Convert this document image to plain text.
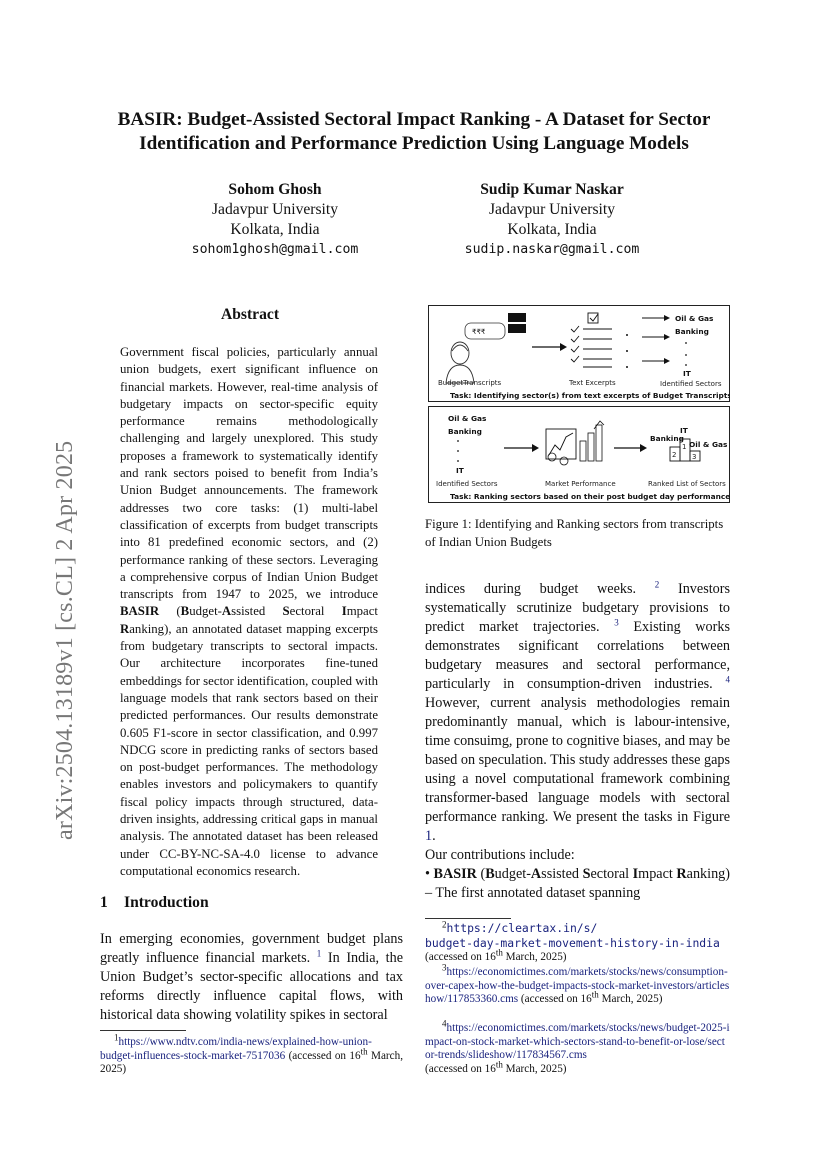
arXiv:2504.13189v1 [cs.CL] 2 Apr 2025
BASIR: Budget-Assisted Sectoral Impact Ranking - A Dataset for Sector
Identification and Performance Prediction Using Language Models
Sohom Ghosh
Jadavpur University
Kolkata, India
sohom1ghosh@gmail.com
Sudip Kumar Naskar
Jadavpur University
Kolkata, India
sudip.naskar@gmail.com
Abstract
Government fiscal policies, particularly annual union budgets, exert significant influence on financial markets. However, real-time analysis of budgetary impacts on sector-specific equity performance remains methodologically challenging and largely unexplored. This study proposes a framework to systematically identify and rank sectors poised to benefit from India’s Union Budget announcements. The framework addresses two core tasks: (1) multi-label classification of excerpts from budget transcripts into 81 predefined economic sectors, and (2) performance ranking of these sectors. Leveraging a comprehensive corpus of Indian Union Budget transcripts from 1947 to 2025, we introduce BASIR (Budget-Assisted Sectoral Impact Ranking), an annotated dataset mapping excerpts from budgetary transcripts to sectoral impacts. Our architecture incorporates fine-tuned embeddings for sector identification, coupled with language models that rank sectors based on their predicted performances. Our results demonstrate 0.605 F1-score in sector classification, and 0.997 NDCG score in predicting ranks of sectors based on post-budget performances. The methodology enables investors and policymakers to quantify fiscal policy impacts through structured, data-driven insights, addressing critical gaps in manual analysis. The annotated dataset has been released under CC-BY-NC-SA-4.0 license to advance computational economics research.
1 Introduction
In emerging economies, government budget plans greatly influence financial markets. $^1$ In India, the Union Budget’s sector-specific allocations and tax reforms directly influence capital flows, with historical data showing volatility spikes in sectoral
$^1$https://www.ndtv.com/india-news/explained-how-union-budget-influences-stock-market-7517036 (accessed on 16th March, 2025)
₹₹₹
BudgetTranscripts	Text Excerpts
Oil & Gas
Banking
IT
Identified Sectors
Task: Identifying sector(s) from text excerpts of Budget Transcripts
Oil & Gas
Banking
IT
Identified Sectors	Market Performance
IT
Banking
Oil & Gas
2
1
3
Ranked List of Sectors
Task: Ranking sectors based on their post budget day performances
Figure 1: Identifying and Ranking sectors from transcripts of Indian Union Budgets

indices during budget weeks. $^2$ Investors systematically scrutinize budgetary provisions to predict market trajectories. $^3$ Existing works demonstrates significant correlations between budgetary measures and sectoral performance, particularly in consumption-driven industries. $^4$ However, current analysis methodologies remain predominantly manual, which is labour-intensive, time consuimg, prone to cognitive biases, and may be based on speculation. This study addresses these gaps using a novel computational framework combining transformer-based language models with sectoral performance ranking. We present the tasks in Figure 1.

Our contributions include:

• BASIR (Budget-Assisted Sectoral Impact Ranking) – The first annotated dataset spanning

$^2$https://cleartax.in/s/
budget-day-market-movement-history-in-india
(accessed on 16th March, 2025)
$^3$https://economictimes.com/markets/stocks/news/consumption-over-capex-how-the-budget-impacts-stock-market-investors/articleshow/117853360.cms (accessed on 16th March, 2025)
$^4$https://economictimes.com/markets/stocks/news/budget-2025-impact-on-stock-market-which-sectors-stand-to-benefit-or-lose/sector-trends/slideshow/117834567.cms
(accessed on 16th March, 2025)
